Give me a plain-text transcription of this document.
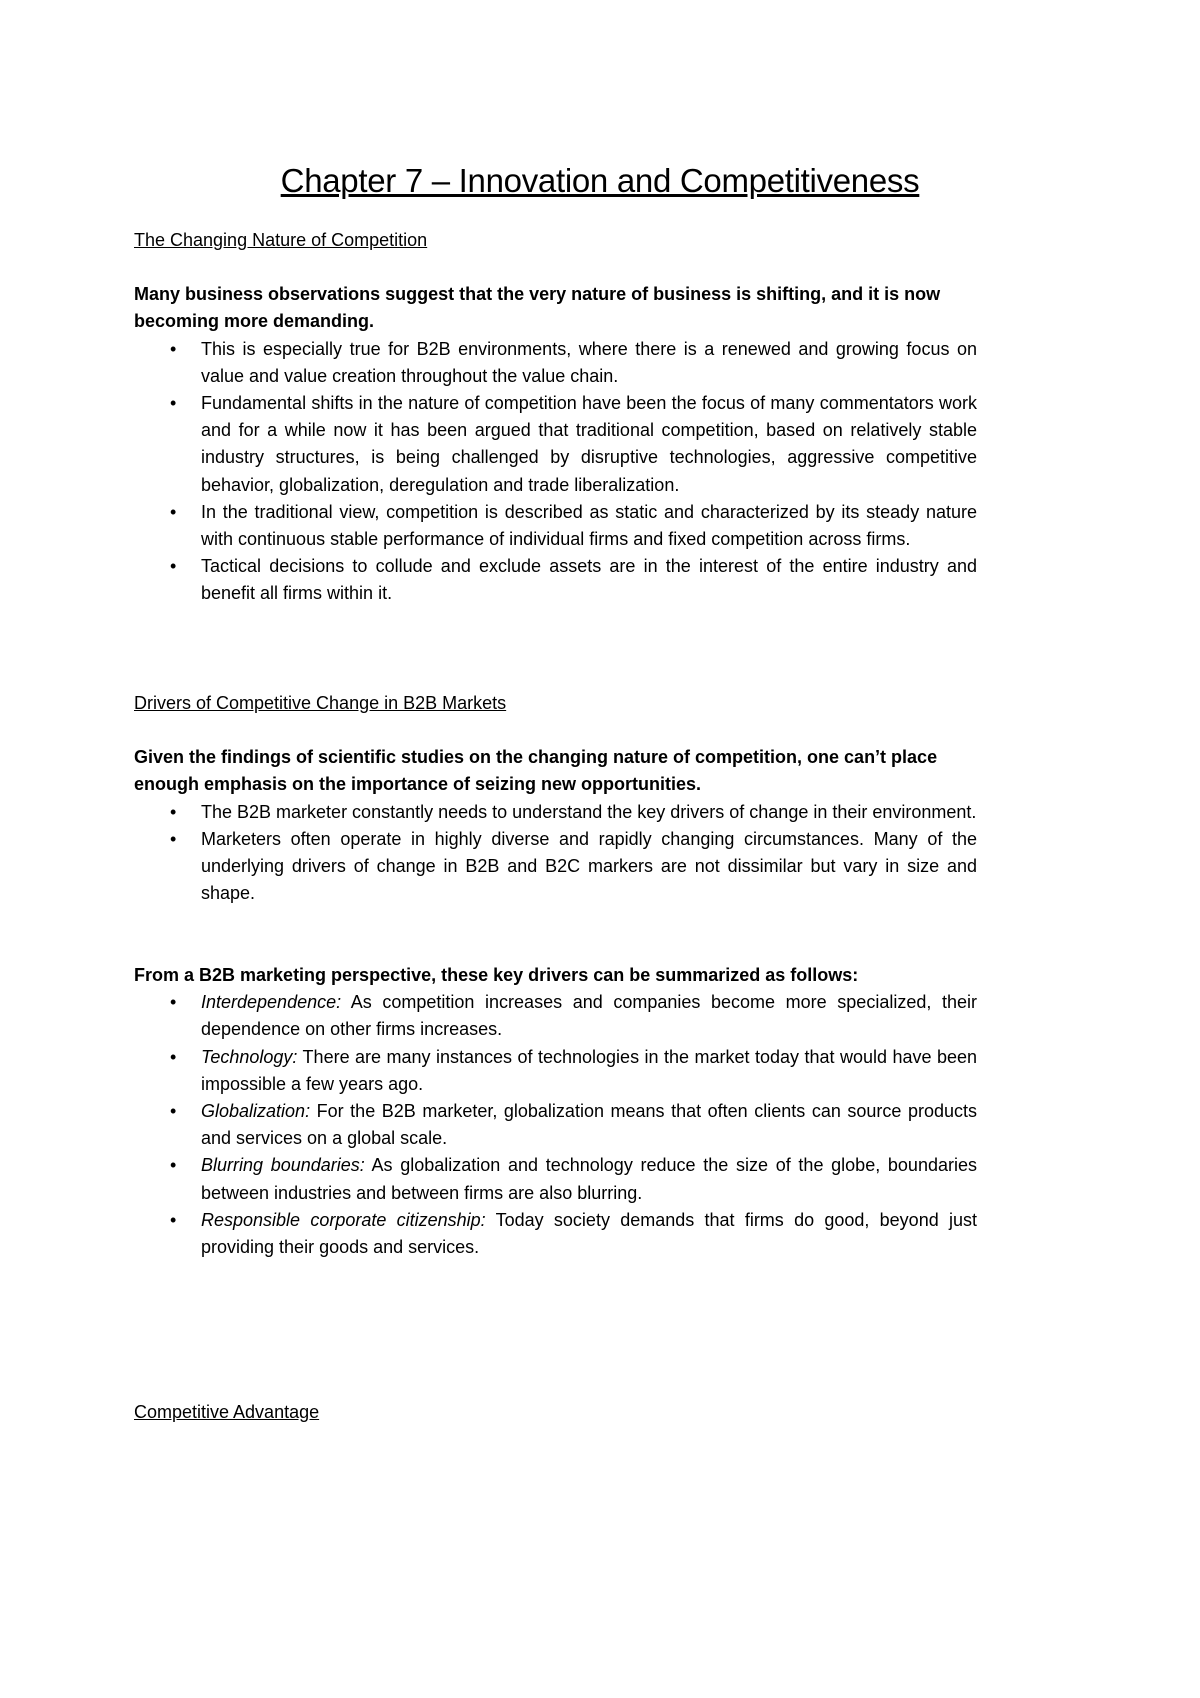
Chapter 7 – Innovation and Competitiveness

The Changing Nature of Competition

Many business observations suggest that the very nature of business is shifting, and it is now becoming more demanding.

• This is especially true for B2B environments, where there is a renewed and growing focus on value and value creation throughout the value chain.
• Fundamental shifts in the nature of competition have been the focus of many commentators work and for a while now it has been argued that traditional competition, based on relatively stable industry structures, is being challenged by disruptive technologies, aggressive competitive behavior, globalization, deregulation and trade liberalization.
• In the traditional view, competition is described as static and characterized by its steady nature with continuous stable performance of individual firms and fixed competition across firms.
• Tactical decisions to collude and exclude assets are in the interest of the entire industry and benefit all firms within it.

Drivers of Competitive Change in B2B Markets

Given the findings of scientific studies on the changing nature of competition, one can’t place enough emphasis on the importance of seizing new opportunities.

• The B2B marketer constantly needs to understand the key drivers of change in their environment.
• Marketers often operate in highly diverse and rapidly changing circumstances. Many of the underlying drivers of change in B2B and B2C markers are not dissimilar but vary in size and shape.

From a B2B marketing perspective, these key drivers can be summarized as follows:

• Interdependence: As competition increases and companies become more specialized, their dependence on other firms increases.
• Technology: There are many instances of technologies in the market today that would have been impossible a few years ago.
• Globalization: For the B2B marketer, globalization means that often clients can source products and services on a global scale.
• Blurring boundaries: As globalization and technology reduce the size of the globe, boundaries between industries and between firms are also blurring.
• Responsible corporate citizenship: Today society demands that firms do good, beyond just providing their goods and services.

Competitive Advantage
